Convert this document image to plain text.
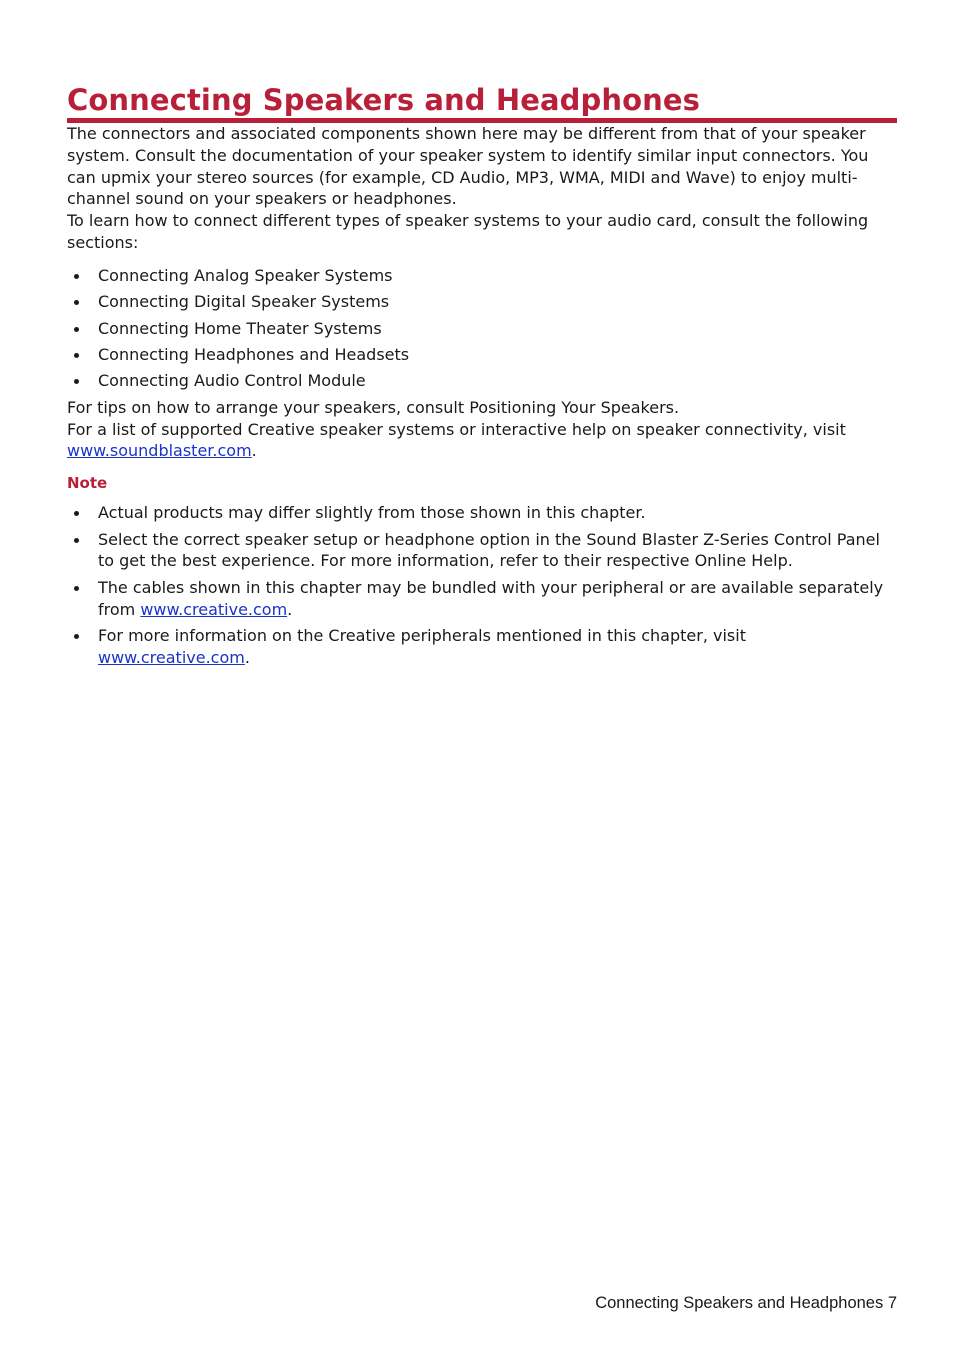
Connecting Speakers and Headphones

The connectors and associated components shown here may be different from that of your speaker system. Consult the documentation of your speaker system to identify similar input connectors. You can upmix your stereo sources (for example, CD Audio, MP3, WMA, MIDI and Wave) to enjoy multi-channel sound on your speakers or headphones.

To learn how to connect different types of speaker systems to your audio card, consult the following sections:

Connecting Analog Speaker Systems
Connecting Digital Speaker Systems
Connecting Home Theater Systems
Connecting Headphones and Headsets
Connecting Audio Control Module

For tips on how to arrange your speakers, consult Positioning Your Speakers.

For a list of supported Creative speaker systems or interactive help on speaker connectivity, visit www.soundblaster.com.

Note
Actual products may differ slightly from those shown in this chapter.
Select the correct speaker setup or headphone option in the Sound Blaster Z-Series Control Panel to get the best experience. For more information, refer to their respective Online Help.
The cables shown in this chapter may be bundled with your peripheral or are available separately from www.creative.com.
For more information on the Creative peripherals mentioned in this chapter, visit
www.creative.com.
Connecting Speakers and Headphones 7
